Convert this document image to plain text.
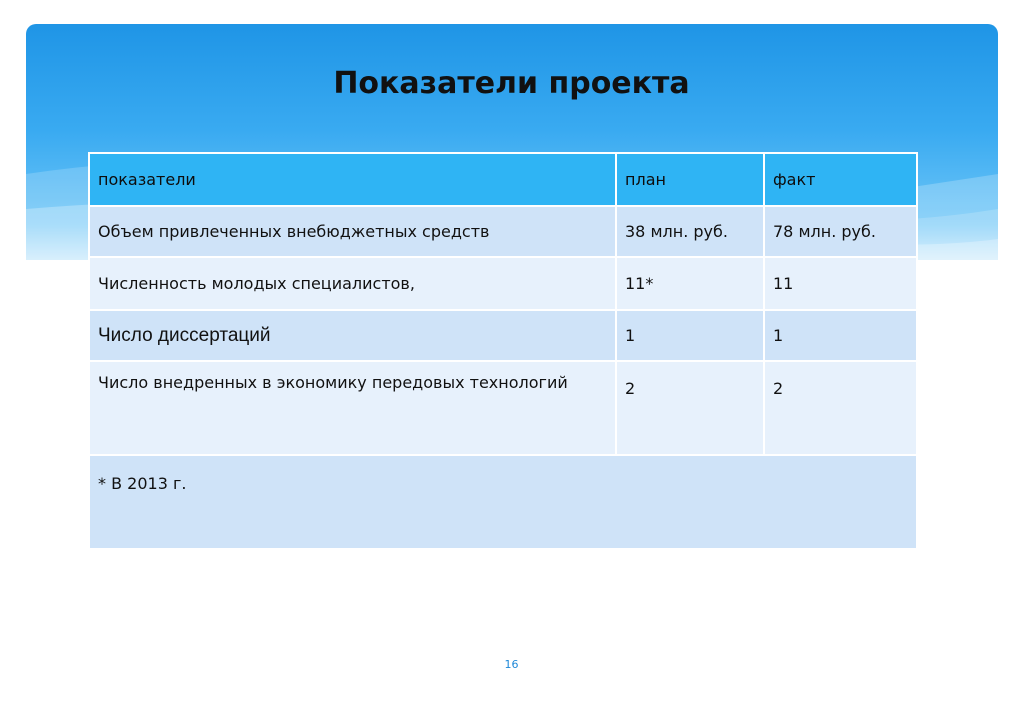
Показатели проекта
показатели	план	факт
Объем привлеченных внебюджетных средств	38 млн. руб.	78 млн. руб.
Численность молодых специалистов,	11*	11
Число диссертаций	1	1
Число внедренных в экономику передовых технологий	2	2
* В 2013 г.		
16
